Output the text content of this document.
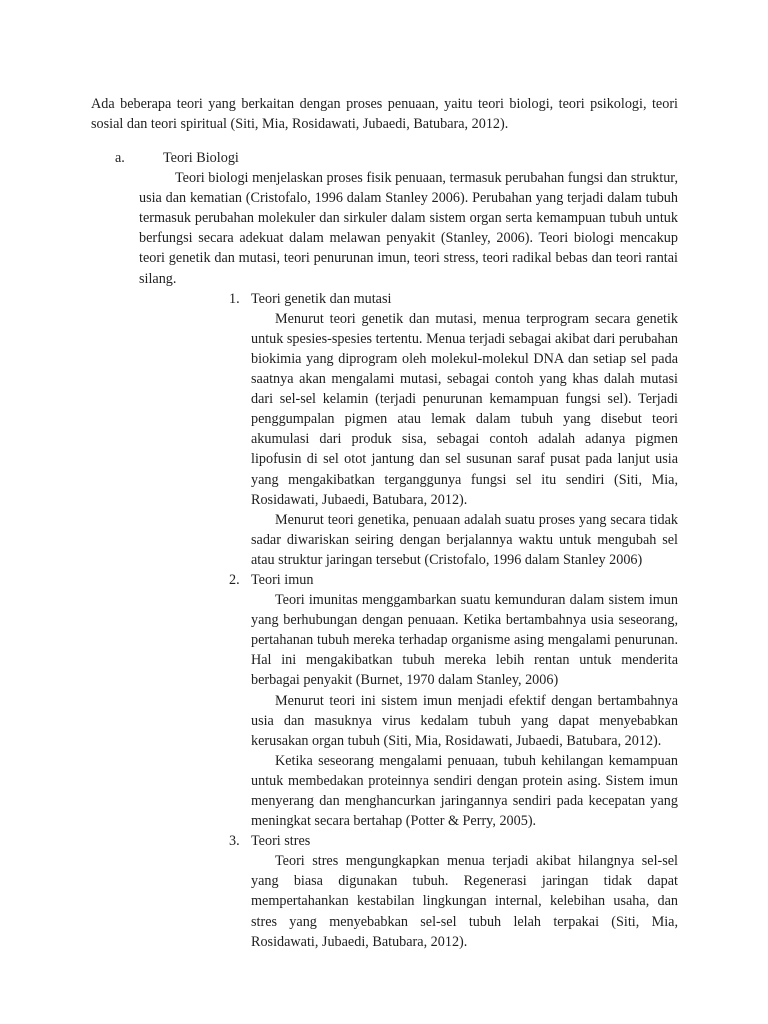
Ada beberapa teori yang berkaitan dengan proses penuaan, yaitu teori biologi, teori psikologi, teori sosial dan teori spiritual (Siti, Mia, Rosidawati, Jubaedi, Batubara, 2012).

a.	Teori Biologi

Teori biologi menjelaskan proses fisik penuaan, termasuk perubahan fungsi dan struktur, usia dan kematian (Cristofalo, 1996 dalam Stanley 2006). Perubahan yang terjadi dalam tubuh termasuk perubahan molekuler dan sirkuler dalam sistem organ serta kemampuan tubuh untuk berfungsi secara adekuat dalam melawan penyakit (Stanley, 2006). Teori biologi mencakup teori genetik dan mutasi, teori penurunan imun, teori stress, teori radikal bebas dan teori rantai silang.

1. Teori genetik dan mutasi

Menurut teori genetik dan mutasi, menua terprogram secara genetik untuk spesies-spesies tertentu. Menua terjadi sebagai akibat dari perubahan biokimia yang diprogram oleh molekul-molekul DNA dan setiap sel pada saatnya akan mengalami mutasi, sebagai contoh yang khas dalah mutasi dari sel-sel kelamin (terjadi penurunan kemampuan fungsi sel). Terjadi penggumpalan pigmen atau lemak dalam tubuh yang disebut teori akumulasi dari produk sisa, sebagai contoh adalah adanya pigmen lipofusin di sel otot jantung dan sel susunan saraf pusat pada lanjut usia yang mengakibatkan terganggunya fungsi sel itu sendiri (Siti, Mia, Rosidawati, Jubaedi, Batubara, 2012).

Menurut teori genetika, penuaan adalah suatu proses yang secara tidak sadar diwariskan seiring dengan berjalannya waktu untuk mengubah sel atau struktur jaringan tersebut (Cristofalo, 1996 dalam Stanley 2006)

2. Teori imun

Teori imunitas menggambarkan suatu kemunduran dalam sistem imun yang berhubungan dengan penuaan. Ketika bertambahnya usia seseorang, pertahanan tubuh mereka terhadap organisme asing mengalami penurunan. Hal ini mengakibatkan tubuh mereka lebih rentan untuk menderita berbagai penyakit (Burnet, 1970 dalam Stanley, 2006)

Menurut teori ini sistem imun menjadi efektif dengan bertambahnya usia dan masuknya virus kedalam tubuh yang dapat menyebabkan kerusakan organ tubuh (Siti, Mia, Rosidawati, Jubaedi, Batubara, 2012).

Ketika seseorang mengalami penuaan, tubuh kehilangan kemampuan untuk membedakan proteinnya sendiri dengan protein asing. Sistem imun menyerang dan menghancurkan jaringannya sendiri pada kecepatan yang meningkat secara bertahap (Potter & Perry, 2005).

3. Teori stres

Teori stres mengungkapkan menua terjadi akibat hilangnya sel-sel yang biasa digunakan tubuh. Regenerasi jaringan tidak dapat mempertahankan kestabilan lingkungan internal, kelebihan usaha, dan stres yang menyebabkan sel-sel tubuh lelah terpakai (Siti, Mia, Rosidawati, Jubaedi, Batubara, 2012).
